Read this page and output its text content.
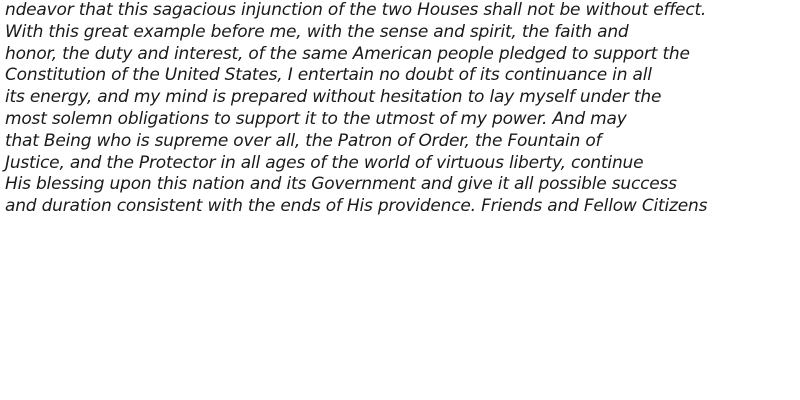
ndeavor that this sagacious injunction of the two Houses shall not be without effect.

With this great example before me, with the sense and spirit, the faith and

honor, the duty and interest, of the same American people pledged to support the

Constitution of the United States, I entertain no doubt of its continuance in all

its energy, and my mind is prepared without hesitation to lay myself under the

most solemn obligations to support it to the utmost of my power. And may

that Being who is supreme over all, the Patron of Order, the Fountain of

Justice, and the Protector in all ages of the world of virtuous liberty, continue

His blessing upon this nation and its Government and give it all possible success

and duration consistent with the ends of His providence. Friends and Fellow Citizens
